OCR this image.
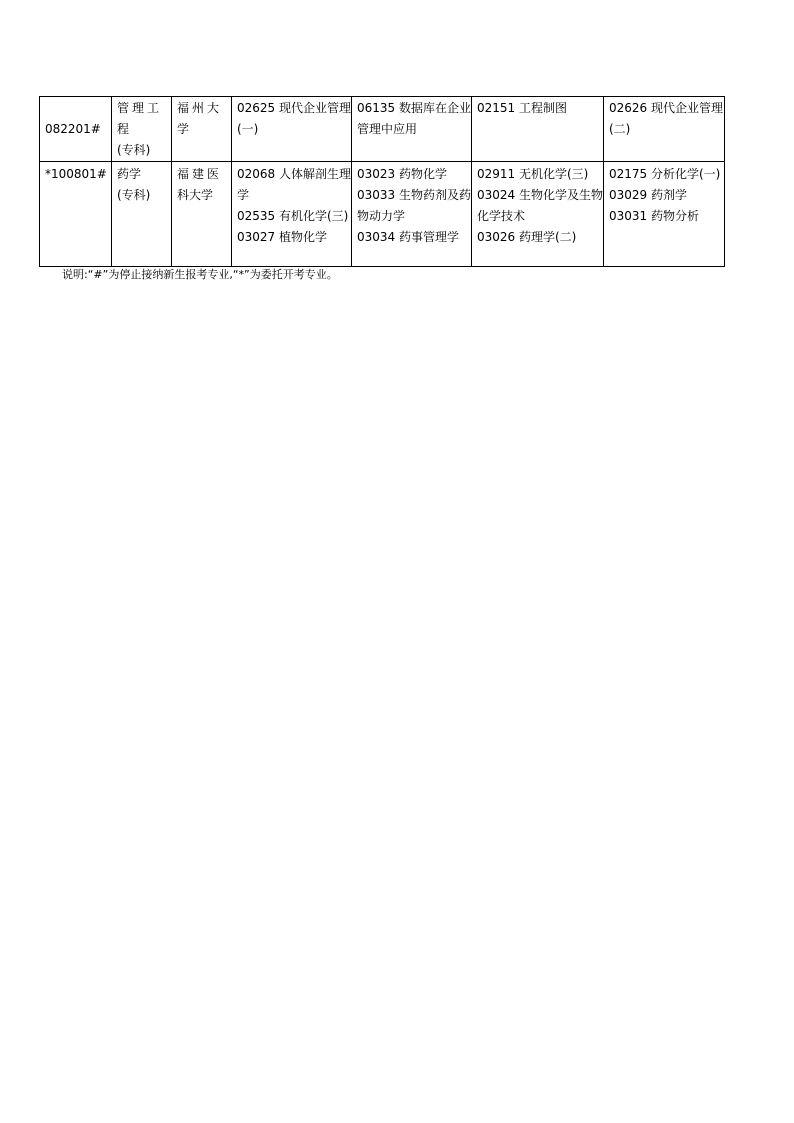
082201#	管理工
程
(专科)	福州大
学	02625 现代企业管理
(一)	06135 数据库在企业
管理中应用	02151 工程制图	02626 现代企业管理
(二)

*100801#	药学
(专科)	福建医
科大学	02068 人体解剖生理
学
02535 有机化学(三)
03027 植物化学	03023 药物化学
03033 生物药剂及药
物动力学
03034 药事管理学	02911 无机化学(三)
03024 生物化学及生物
化学技术
03026 药理学(二)	02175 分析化学(一)
03029 药剂学
03031 药物分析
说明:“#”为停止接纳新生报考专业,“*”为委托开考专业。
